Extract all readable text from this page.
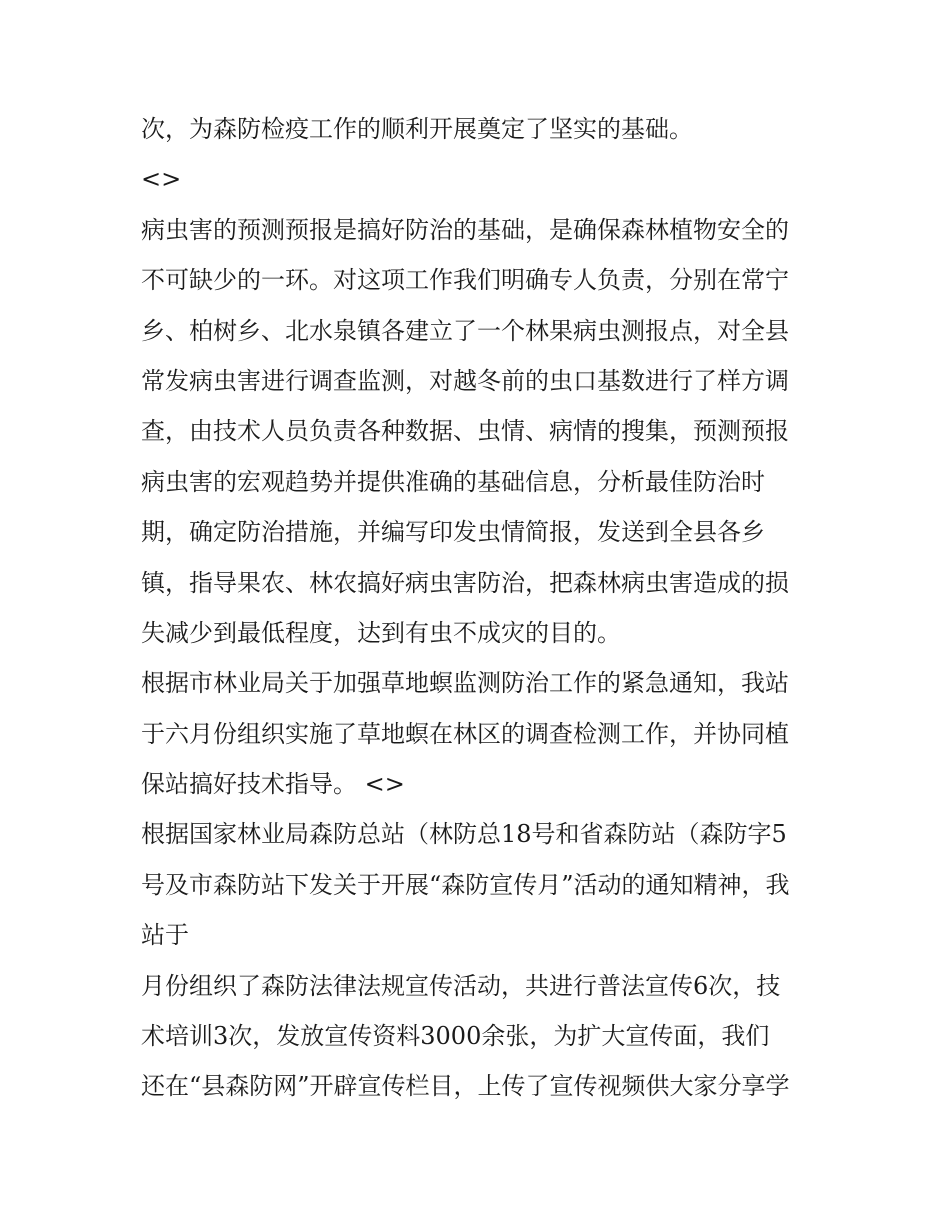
次，为森防检疫工作的顺利开展奠定了坚实的基础。
<>
病虫害的预测预报是搞好防治的基础，是确保森林植物安全的
不可缺少的一环。对这项工作我们明确专人负责，分别在常宁
乡、柏树乡、北水泉镇各建立了一个林果病虫测报点，对全县
常发病虫害进行调查监测，对越冬前的虫口基数进行了样方调
查，由技术人员负责各种数据、虫情、病情的搜集，预测预报
病虫害的宏观趋势并提供准确的基础信息，分析最佳防治时
期，确定防治措施，并编写印发虫情简报，发送到全县各乡
镇，指导果农、林农搞好病虫害防治，把森林病虫害造成的损
失减少到最低程度，达到有虫不成灾的目的。
根据市林业局关于加强草地螟监测防治工作的紧急通知，我站
于六月份组织实施了草地螟在林区的调查检测工作，并协同植
保站搞好技术指导。 <>
根据国家林业局森防总站（林防总18号和省森防站（森防字5
号及市森防站下发关于开展“森防宣传月”活动的通知精神，我
站于
月份组织了森防法律法规宣传活动，共进行普法宣传6次，技
术培训3次，发放宣传资料3000余张，为扩大宣传面，我们
还在“县森防网”开辟宣传栏目，上传了宣传视频供大家分享学
